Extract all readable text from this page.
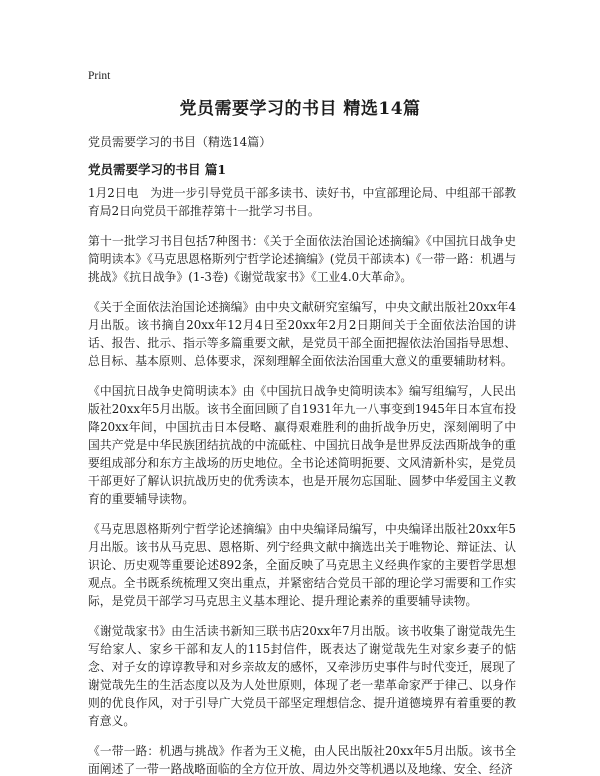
Print
党员需要学习的书目 精选14篇

党员需要学习的书目（精选14篇）

党员需要学习的书目 篇1

1月2日电　为进一步引导党员干部多读书、读好书，中宣部理论局、中组部干部教育局2日向党员干部推荐第十一批学习书目。

第十一批学习书目包括7种图书：《关于全面依法治国论述摘编》《中国抗日战争史简明读本》《马克思恩格斯列宁哲学论述摘编》(党员干部读本)《一带一路：机遇与挑战》《抗日战争》(1-3卷)《谢觉哉家书》《工业4.0大革命》。

《关于全面依法治国论述摘编》由中央文献研究室编写，中央文献出版社20xx年4月出版。该书摘自20xx年12月4日至20xx年2月2日期间关于全面依法治国的讲话、报告、批示、指示等多篇重要文献，是党员干部全面把握依法治国指导思想、总目标、基本原则、总体要求，深刻理解全面依法治国重大意义的重要辅助材料。

《中国抗日战争史简明读本》由《中国抗日战争史简明读本》编写组编写，人民出版社20xx年5月出版。该书全面回顾了自1931年九一八事变到1945年日本宣布投降20xx年间，中国抗击日本侵略、赢得艰难胜利的曲折战争历史，深刻阐明了中国共产党是中华民族团结抗战的中流砥柱、中国抗日战争是世界反法西斯战争的重要组成部分和东方主战场的历史地位。全书论述简明扼要、文风清新朴实，是党员干部更好了解认识抗战历史的优秀读本，也是开展勿忘国耻、圆梦中华爱国主义教育的重要辅导读物。

《马克思恩格斯列宁哲学论述摘编》由中央编译局编写，中央编译出版社20xx年5月出版。该书从马克思、恩格斯、列宁经典文献中摘选出关于唯物论、辩证法、认识论、历史观等重要论述892条，全面反映了马克思主义经典作家的主要哲学思想观点。全书既系统梳理又突出重点，并紧密结合党员干部的理论学习需要和工作实际，是党员干部学习马克思主义基本理论、提升理论素养的重要辅导读物。

《谢觉哉家书》由生活读书新知三联书店20xx年7月出版。该书收集了谢觉哉先生写给家人、家乡干部和友人的115封信件，既表达了谢觉哉先生对家乡妻子的惦念、对子女的谆谆教导和对乡亲故友的感怀，又牵涉历史事件与时代变迁，展现了谢觉哉先生的生活态度以及为人处世原则，体现了老一辈革命家严于律己、以身作则的优良作风，对于引导广大党员干部坚定理想信念、提升道德境界有着重要的教育意义。

《一带一路：机遇与挑战》作者为王义桅，由人民出版社20xx年5月出版。该书全面阐述了一带一路战略面临的全方位开放、周边外交等机遇以及地缘、安全、经济
